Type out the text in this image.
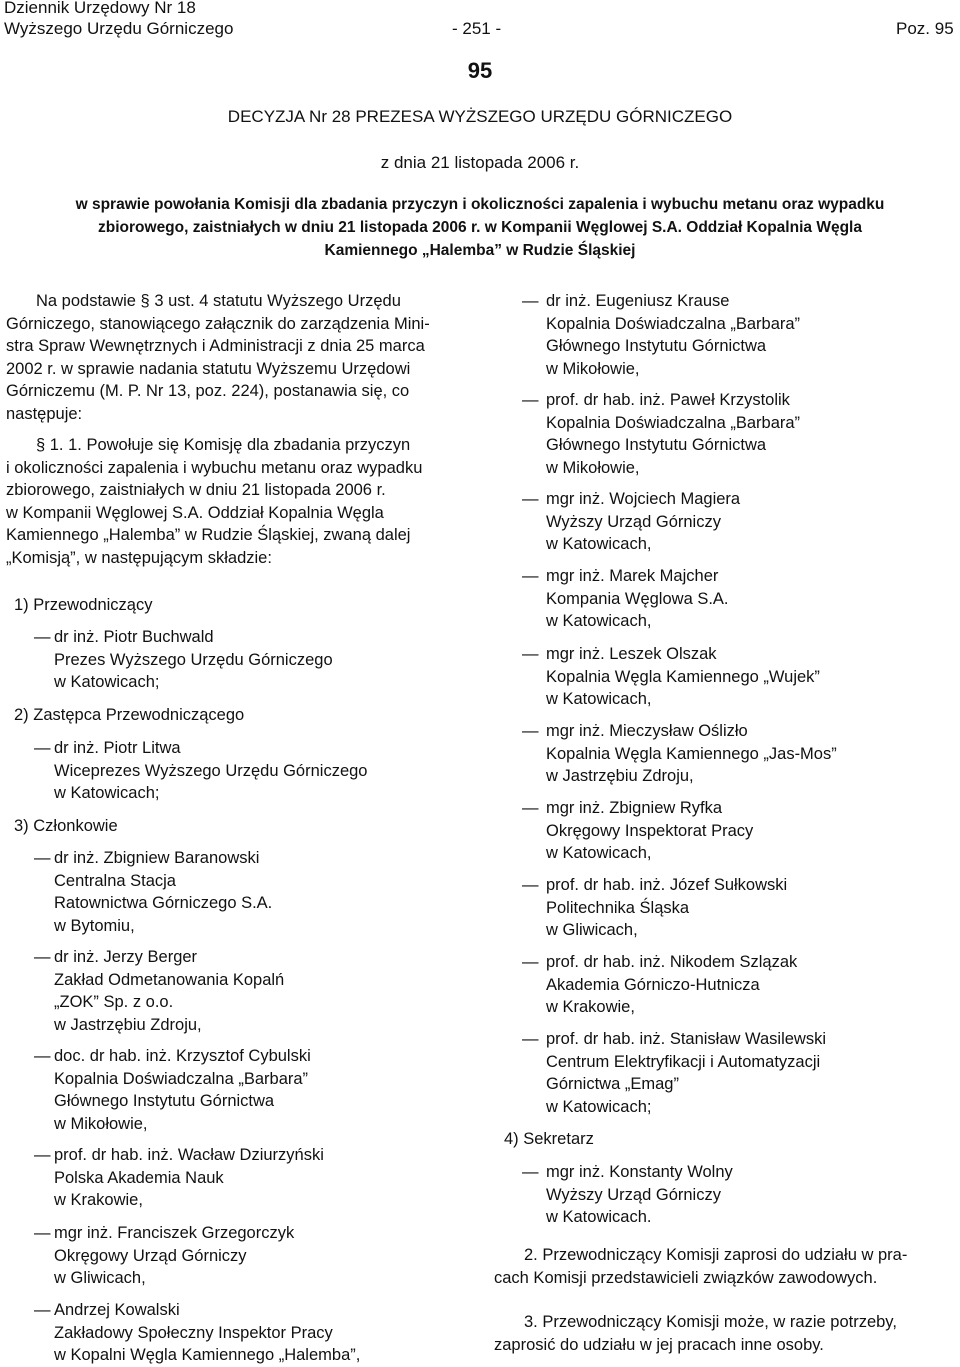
Dziennik Urzędowy Nr 18
Wyższego Urzędu Górniczego	- 251 -	Poz. 95
95
DECYZJA Nr 28 PREZESA WYŻSZEGO URZĘDU GÓRNICZEGO
z dnia 21 listopada 2006 r.
w sprawie powołania Komisji dla zbadania przyczyn i okoliczności zapalenia i wybuchu metanu oraz wypadku
zbiorowego, zaistniałych w dniu 21 listopada 2006 r. w Kompanii Węglowej S.A. Oddział Kopalnia Węgla
Kamiennego „Halemba” w Rudzie Śląskiej
Na podstawie § 3 ust. 4 statutu Wyższego Urzędu
Górniczego, stanowiącego załącznik do zarządzenia Mini-
stra Spraw Wewnętrznych i Administracji z dnia 25 marca
2002 r. w sprawie nadania statutu Wyższemu Urzędowi
Górniczemu (M. P. Nr 13, poz. 224), postanawia się, co
następuje:
§ 1. 1. Powołuje się Komisję dla zbadania przyczyn
i okoliczności zapalenia i wybuchu metanu oraz wypadku
zbiorowego, zaistniałych w dniu 21 listopada 2006 r.
w Kompanii Węglowej S.A. Oddział Kopalnia Węgla
Kamiennego „Halemba” w Rudzie Śląskiej, zwaną dalej
„Komisją”, w następującym składzie:
1) Przewodniczący
— dr inż. Piotr Buchwald
Prezes Wyższego Urzędu Górniczego
w Katowicach;
2) Zastępca Przewodniczącego
— dr inż. Piotr Litwa
Wiceprezes Wyższego Urzędu Górniczego
w Katowicach;
3) Członkowie
— dr inż. Zbigniew Baranowski
Centralna Stacja
Ratownictwa Górniczego S.A.
w Bytomiu,
— dr inż. Jerzy Berger
Zakład Odmetanowania Kopalń
„ZOK” Sp. z o.o.
w Jastrzębiu Zdroju,
— doc. dr hab. inż. Krzysztof Cybulski
Kopalnia Doświadczalna „Barbara”
Głównego Instytutu Górnictwa
w Mikołowie,
— prof. dr hab. inż. Wacław Dziurzyński
Polska Akademia Nauk
w Krakowie,
— mgr inż. Franciszek Grzegorczyk
Okręgowy Urząd Górniczy
w Gliwicach,
— Andrzej Kowalski
Zakładowy Społeczny Inspektor Pracy
w Kopalni Węgla Kamiennego „Halemba”,
— dr inż. Eugeniusz Krause
Kopalnia Doświadczalna „Barbara”
Głównego Instytutu Górnictwa
w Mikołowie,
— prof. dr hab. inż. Paweł Krzystolik
Kopalnia Doświadczalna „Barbara”
Głównego Instytutu Górnictwa
w Mikołowie,
— mgr inż. Wojciech Magiera
Wyższy Urząd Górniczy
w Katowicach,
— mgr inż. Marek Majcher
Kompania Węglowa S.A.
w Katowicach,
— mgr inż. Leszek Olszak
Kopalnia Węgla Kamiennego „Wujek”
w Katowicach,
— mgr inż. Mieczysław Oślizło
Kopalnia Węgla Kamiennego „Jas-Mos”
w Jastrzębiu Zdroju,
— mgr inż. Zbigniew Ryfka
Okręgowy Inspektorat Pracy
w Katowicach,
— prof. dr hab. inż. Józef Sułkowski
Politechnika Śląska
w Gliwicach,
— prof. dr hab. inż. Nikodem Szlązak
Akademia Górniczo-Hutnicza
w Krakowie,
— prof. dr hab. inż. Stanisław Wasilewski
Centrum Elektryfikacji i Automatyzacji
Górnictwa „Emag”
w Katowicach;
4) Sekretarz
— mgr inż. Konstanty Wolny
Wyższy Urząd Górniczy
w Katowicach.
2. Przewodniczący Komisji zaprosi do udziału w pra-
cach Komisji przedstawicieli związków zawodowych.
3. Przewodniczący Komisji może, w razie potrzeby,
zaprosić do udziału w jej pracach inne osoby.
